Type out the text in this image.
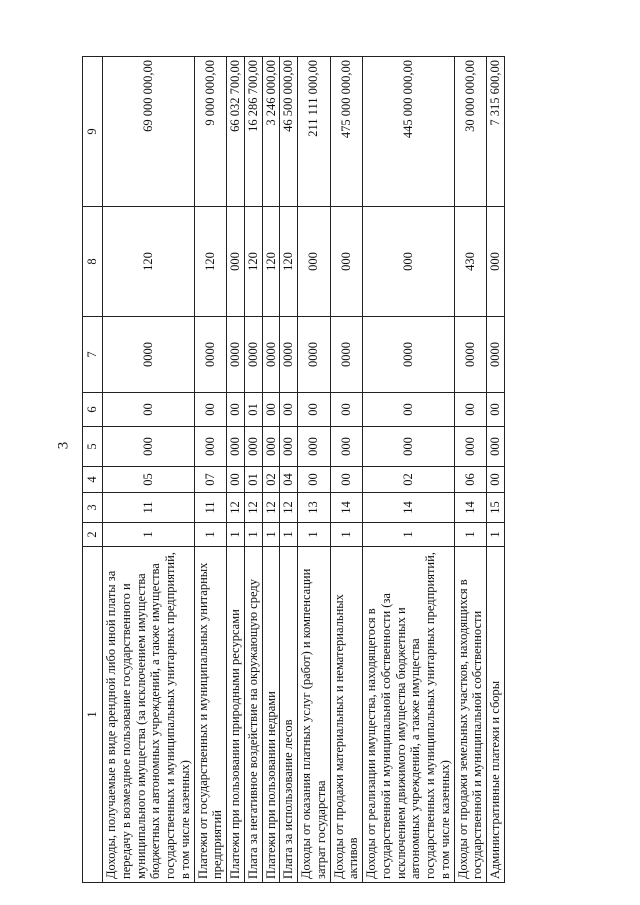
3
1	2	3	4	5	6	7	8	9
Доходы, получаемые в виде арендной либо иной платы за передачу в возмездное пользование государственного и муниципального имущества (за исключением имущества бюджетных и автономных учреждений, а также имущества государственных и муниципальных унитарных предприятий, в том числе казенных)	1	11	05	000	00	0000	120	69 000 000,00
Платежи от государственных и муниципальных унитарных предприятий	1	11	07	000	00	0000	120	9 000 000,00
Платежи при пользовании природными ресурсами	1	12	00	000	00	0000	000	66 032 700,00
Плата за негативное воздействие на окружающую среду	1	12	01	000	01	0000	120	16 286 700,00
Платежи при пользовании недрами	1	12	02	000	00	0000	120	3 246 000,00
Плата за использование лесов	1	12	04	000	00	0000	120	46 500 000,00
Доходы от оказания платных услуг (работ) и компенсации затрат государства	1	13	00	000	00	0000	000	211 111 000,00
Доходы от продажи материальных и нематериальных активов	1	14	00	000	00	0000	000	475 000 000,00
Доходы от реализации имущества, находящегося в государственной и муниципальной собственности (за исключением движимого имущества бюджетных и автономных учреждений, а также имущества государственных и муниципальных унитарных предприятий, в том числе казенных)	1	14	02	000	00	0000	000	445 000 000,00
Доходы от продажи земельных участков, находящихся в государственной и муниципальной собственности	1	14	06	000	00	0000	430	30 000 000,00
Административные платежи и сборы	1	15	00	000	00	0000	000	7 315 600,00
